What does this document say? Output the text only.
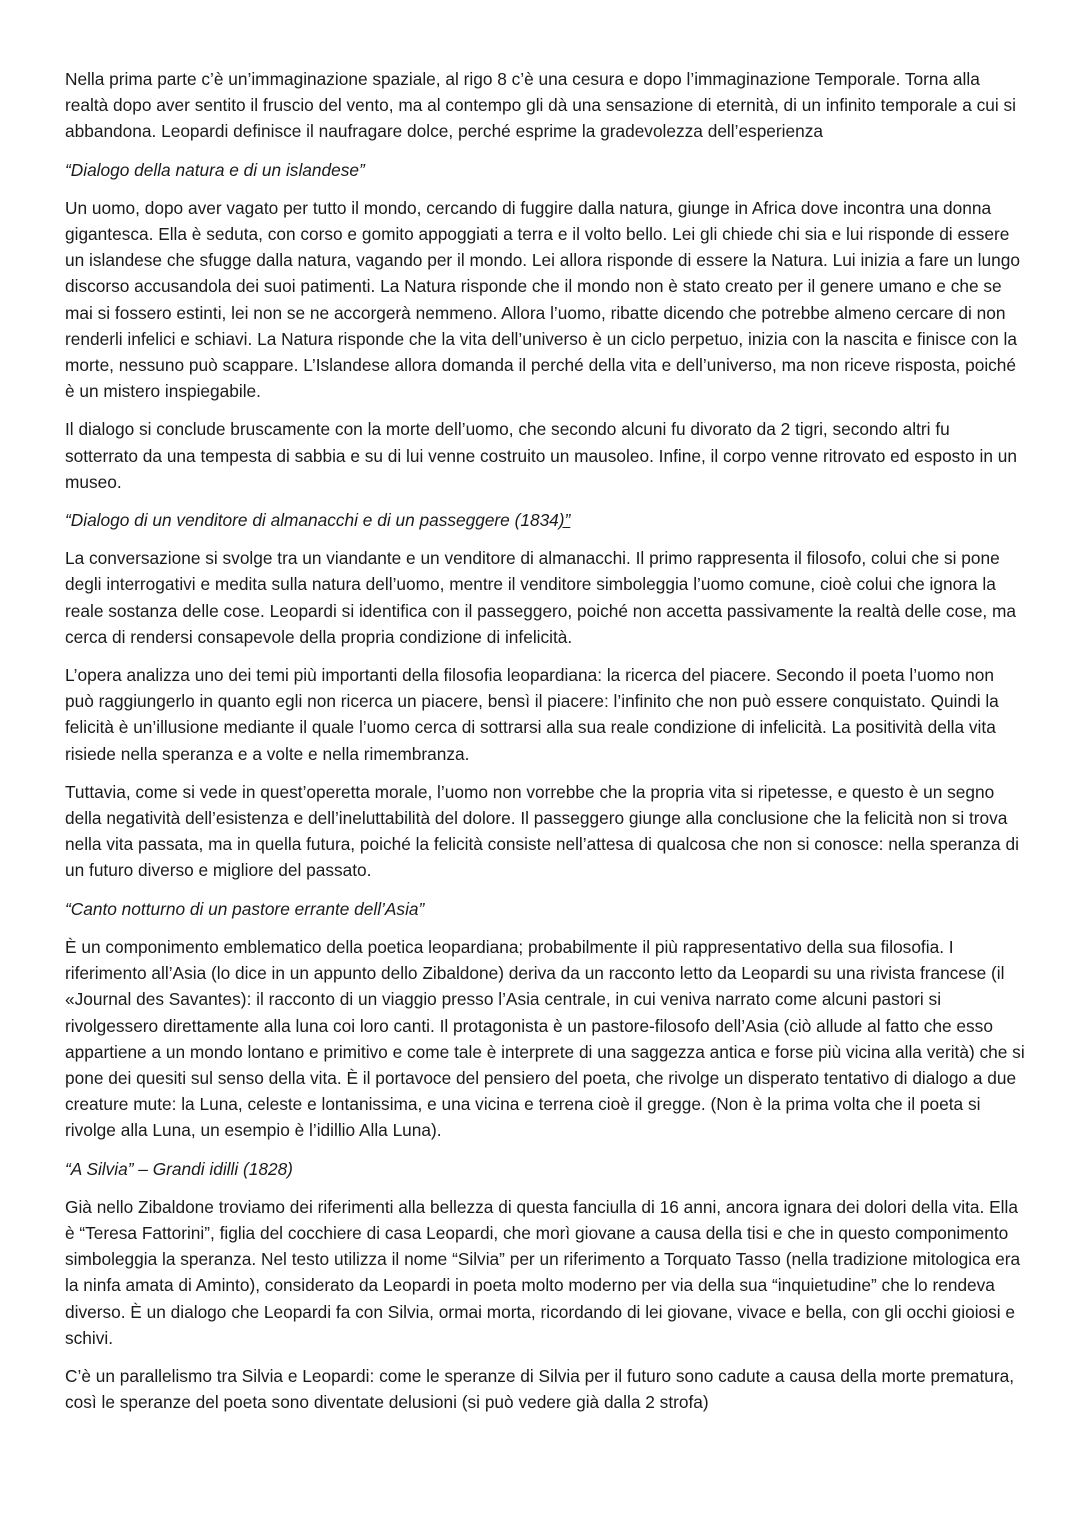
Nella prima parte c’è un’immaginazione spaziale, al rigo 8 c’è una cesura e dopo l’immaginazione Temporale. Torna alla realtà dopo aver sentito il fruscio del vento, ma al contempo gli dà una sensazione di eternità, di un infinito temporale a cui si abbandona. Leopardi definisce il naufragare dolce, perché esprime la gradevolezza dell’esperienza

“Dialogo della natura e di un islandese”

Un uomo, dopo aver vagato per tutto il mondo, cercando di fuggire dalla natura, giunge in Africa dove incontra una donna gigantesca. Ella è seduta, con corso e gomito appoggiati a terra e il volto bello. Lei gli chiede chi sia e lui risponde di essere un islandese che sfugge dalla natura, vagando per il mondo. Lei allora risponde di essere la Natura. Lui inizia a fare un lungo discorso accusandola dei suoi patimenti. La Natura risponde che il mondo non è stato creato per il genere umano e che se mai si fossero estinti, lei non se ne accorgerà nemmeno. Allora l’uomo, ribatte dicendo che potrebbe almeno cercare di non renderli infelici e schiavi. La Natura risponde che la vita dell’universo è un ciclo perpetuo, inizia con la nascita e finisce con la morte, nessuno può scappare. L’Islandese allora domanda il perché della vita e dell’universo, ma non riceve risposta, poiché è un mistero inspiegabile.

Il dialogo si conclude bruscamente con la morte dell’uomo, che secondo alcuni fu divorato da 2 tigri, secondo altri fu sotterrato da una tempesta di sabbia e su di lui venne costruito un mausoleo. Infine, il corpo venne ritrovato ed esposto in un museo.

“Dialogo di un venditore di almanacchi e di un passeggere (1834)”

La conversazione si svolge tra un viandante e un venditore di almanacchi. Il primo rappresenta il filosofo, colui che si pone degli interrogativi e medita sulla natura dell’uomo, mentre il venditore simboleggia l’uomo comune, cioè colui che ignora la reale sostanza delle cose. Leopardi si identifica con il passeggero, poiché non accetta passivamente la realtà delle cose, ma cerca di rendersi consapevole della propria condizione di infelicità.

L’opera analizza uno dei temi più importanti della filosofia leopardiana: la ricerca del piacere. Secondo il poeta l’uomo non può raggiungerlo in quanto egli non ricerca un piacere, bensì il piacere: l’infinito che non può essere conquistato. Quindi la felicità è un’illusione mediante il quale l’uomo cerca di sottrarsi alla sua reale condizione di infelicità. La positività della vita risiede nella speranza e a volte e nella rimembranza.

Tuttavia, come si vede in quest’operetta morale, l’uomo non vorrebbe che la propria vita si ripetesse, e questo è un segno della negatività dell’esistenza e dell’ineluttabilità del dolore. Il passeggero giunge alla conclusione che la felicità non si trova nella vita passata, ma in quella futura, poiché la felicità consiste nell’attesa di qualcosa che non si conosce: nella speranza di un futuro diverso e migliore del passato.

“Canto notturno di un pastore errante dell’Asia”

È un componimento emblematico della poetica leopardiana; probabilmente il più rappresentativo della sua filosofia. I riferimento all’Asia (lo dice in un appunto dello Zibaldone) deriva da un racconto letto da Leopardi su una rivista francese (il «Journal des Savantes): il racconto di un viaggio presso l’Asia centrale, in cui veniva narrato come alcuni pastori si rivolgessero direttamente alla luna coi loro canti. Il protagonista è un pastore-filosofo dell’Asia (ciò allude al fatto che esso appartiene a un mondo lontano e primitivo e come tale è interprete di una saggezza antica e forse più vicina alla verità) che si pone dei quesiti sul senso della vita. È il portavoce del pensiero del poeta, che rivolge un disperato tentativo di dialogo a due creature mute: la Luna, celeste e lontanissima, e una vicina e terrena cioè il gregge. (Non è la prima volta che il poeta si rivolge alla Luna, un esempio è l’idillio Alla Luna).

“A Silvia” – Grandi idilli (1828)

Già nello Zibaldone troviamo dei riferimenti alla bellezza di questa fanciulla di 16 anni, ancora ignara dei dolori della vita. Ella è “Teresa Fattorini”, figlia del cocchiere di casa Leopardi, che morì giovane a causa della tisi e che in questo componimento simboleggia la speranza. Nel testo utilizza il nome “Silvia” per un riferimento a Torquato Tasso (nella tradizione mitologica era la ninfa amata di Aminto), considerato da Leopardi in poeta molto moderno per via della sua “inquietudine” che lo rendeva diverso. È un dialogo che Leopardi fa con Silvia, ormai morta, ricordando di lei giovane, vivace e bella, con gli occhi gioiosi e schivi.

C’è un parallelismo tra Silvia e Leopardi: come le speranze di Silvia per il futuro sono cadute a causa della morte prematura, così le speranze del poeta sono diventate delusioni (si può vedere già dalla 2 strofa)
